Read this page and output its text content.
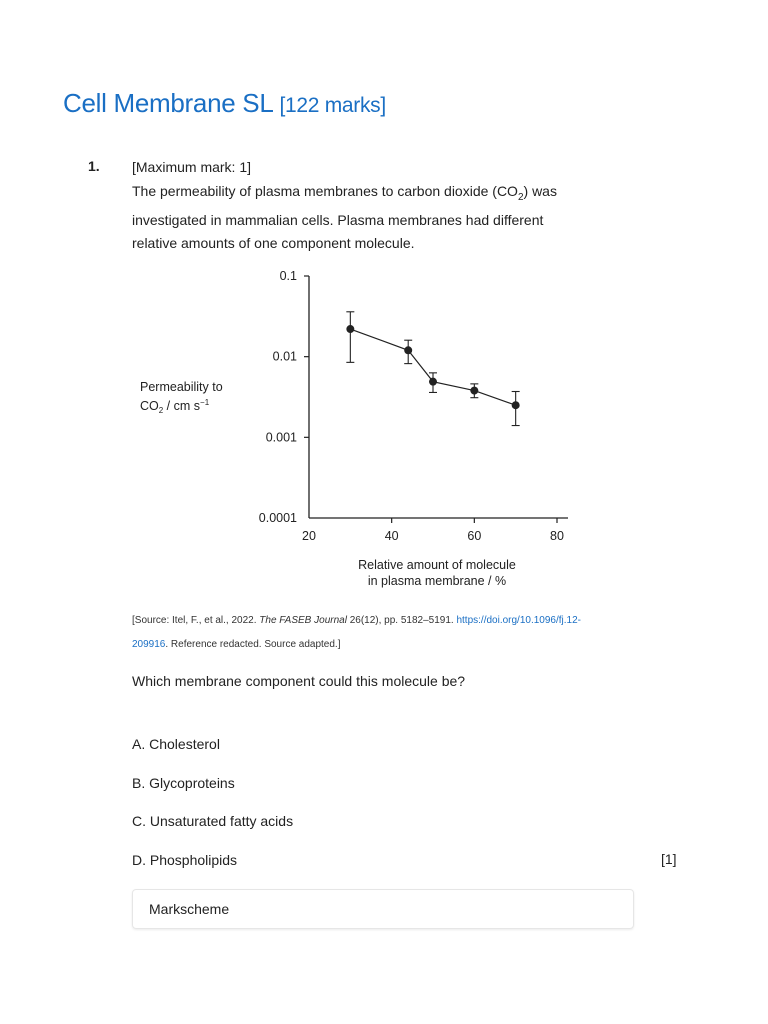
Cell Membrane SL [122 marks]
1. [Maximum mark: 1]

The permeability of plasma membranes to carbon dioxide $(CO_2)$ was investigated in mammalian cells. Plasma membranes had different relative amounts of one component molecule.

20	40	60	80
0.0001
0.001
0.01
0.1
Permeability to
$CO_2$ / cm $s^{-1}$
Relative amount of molecule
in plasma membrane / %
[Source: Itel, F., et al., 2022. The FASEB Journal 26(12), pp. 5182–5191. https://doi.org/10.1096/fj.12-209916. Reference redacted. Source adapted.]
Which membrane component could this molecule be?
A. Cholesterol
B. Glycoproteins
C. Unsaturated fatty acids
D. Phospholipids	[1]
Markscheme
